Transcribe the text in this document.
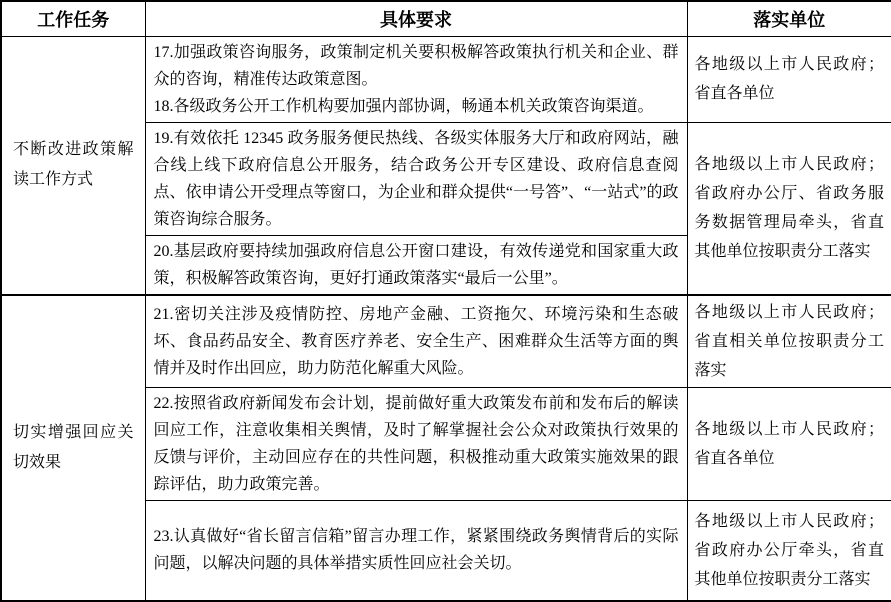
工作任务	具体要求	落实单位
不断改进政策解读工作方式	17.加强政策咨询服务，政策制定机关要积极解答政策执行机关和企业、群众的咨询，精准传达政策意图。

18.各级政务公开工作机构要加强内部协调，畅通本机关政策咨询渠道。	各地级以上市人民政府；省直各单位

	19.有效依托 12345 政务服务便民热线、各级实体服务大厅和政府网站，融合线上线下政府信息公开服务，结合政务公开专区建设、政府信息查阅点、依申请公开受理点等窗口，为企业和群众提供“一号答”、“一站式”的政策咨询综合服务。	各地级以上市人民政府；省政府办公厅、省政务服务数据管理局牵头，省直其他单位按职责分工落实

	20.基层政府要持续加强政府信息公开窗口建设，有效传递党和国家重大政策，积极解答政策咨询，更好打通政策落实“最后一公里”。	

切实增强回应关切效果	21.密切关注涉及疫情防控、房地产金融、工资拖欠、环境污染和生态破坏、食品药品安全、教育医疗养老、安全生产、困难群众生活等方面的舆情并及时作出回应，助力防范化解重大风险。	各地级以上市人民政府；省直相关单位按职责分工落实

	22.按照省政府新闻发布会计划，提前做好重大政策发布前和发布后的解读回应工作，注意收集相关舆情，及时了解掌握社会公众对政策执行效果的反馈与评价，主动回应存在的共性问题，积极推动重大政策实施效果的跟踪评估，助力政策完善。	各地级以上市人民政府；省直各单位

	23.认真做好“省长留言信箱”留言办理工作，紧紧围绕政务舆情背后的实际问题，以解决问题的具体举措实质性回应社会关切。	各地级以上市人民政府；省政府办公厅牵头，省直其他单位按职责分工落实
